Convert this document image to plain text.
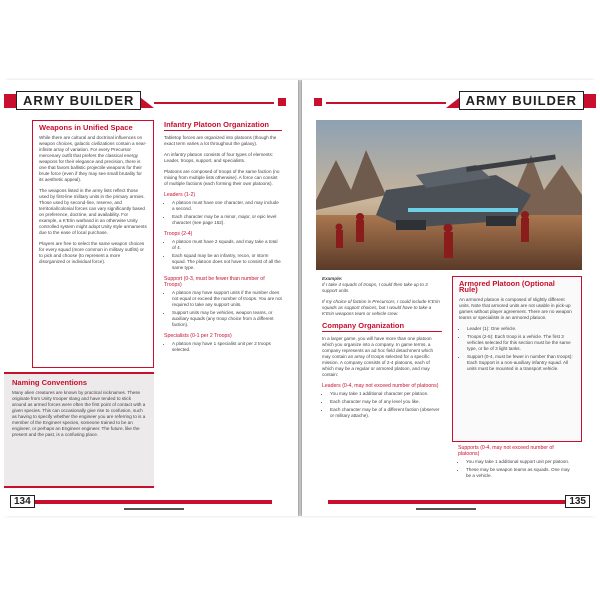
ARMY BUILDER
Weapons in Unified Space

While there are cultural and doctrinal influences on weapon choices, galactic civilizations contain a near-infinite array of variation. For every Precursor mercenary outfit that prefers the classical energy weapons for their elegance and precision, there is one that favors ballistic projectile weapons for their brute force (even if they may see small brutality for its aesthetic appeal).

The weapons listed in the army lists reflect those used by first-line military units in the primary armies. Those used by second-line, reserve, and territorial/colonial forces can vary significantly based on preference, doctrine, and availability. For example, a K'Erin warband in an otherwise Unity controlled system might adopt Unity style armaments due to the ease of local purchase.

Players are free to select the same weapon choices for every squad (more common in military outfits) or to pick and choose (to represent a more disorganized or individual force).

Infantry Platoon Organization

Tabletop forces are organized into platoons (though the exact term varies a lot throughout the galaxy).

An infantry platoon consists of four types of elements: Leader, troops, support, and specialists.

Platoons are composed of troops of the same faction (no mixing from multiple lists otherwise). A force can consist of multiple factions (each forming their own platoons).

Leaders (1-2)
• A platoon must have one character, and may include a second.
• Each character may be a minor, major, or epic level character (see page 152).
Troops (2-4)
• A platoon must have 2 squads, and may take a total of 4.
• Each squad may be an infantry, recon, or storm squad. The platoon does not have to consist of all the same type.
Support (0-3, must be fewer than number of Troops)
• A platoon may have support units if the number does not equal or exceed the number of troops. You are not required to take any support units.
• Support units may be vehicles, weapon teams, or auxiliary squads (any troop choice from a different faction).
Specialists (0-1 per 2 Troops)
• A platoon may have 1 specialist unit per 2 troops selected.
Naming Conventions

Many alien creatures are known by practical nicknames. These originate from Unity trooper slang and have tended to stick around as armed forces were often the first point of contact with a given species. This can occasionally give rise to confusion, such as having to specify whether the engineer you are referring to is a member of the Engineer species, someone trained to be an engineer, or perhaps an Engineer engineer. The future, like the present and the past, is a confusing place.

134
ARMY BUILDER
Example:

If I take 4 squads of troops, I could then take up to 3 support units.

If my choice of faction is Precursors, I could include K'Erin squads as support choices, but I would have to take a K'Erin weapons team or vehicle crew.

Company Organization

In a larger game, you will have more than one platoon which you organize into a company. In game terms, a company represents an ad hoc field detachment which may contain an array of troops selected for a specific mission. A company consists of 2-4 platoons, each of which may be a regular or armored platoon, and may contain:

Leaders (0-4, may not exceed number of platoons)
• You may take 1 additional character per platoon.
• Each character may be of any level you like.
• Each character may be of a different faction (observer or military attache).
Armored Platoon (Optional Rule)

An armored platoon is composed of slightly different units. Note that armored units are not usable in pick-up games without player agreement. There are no weapon teams or specialists in an armored platoon.

• Leader (1): One vehicle.
• Troops (2-5): Each troop is a vehicle. The first 3 vehicles selected for this section must be the same type, or be of 3 light tanks.
• Support (0-4, must be fewer in number than troops): Each Support is a non-auxiliary infantry squad. All units must be mounted in a transport vehicle.
Supports (0-4, may not exceed number of platoons)
• You may take 1 additional support unit per platoon.
• These may be weapon teams as squads. One may be a vehicle.
135
